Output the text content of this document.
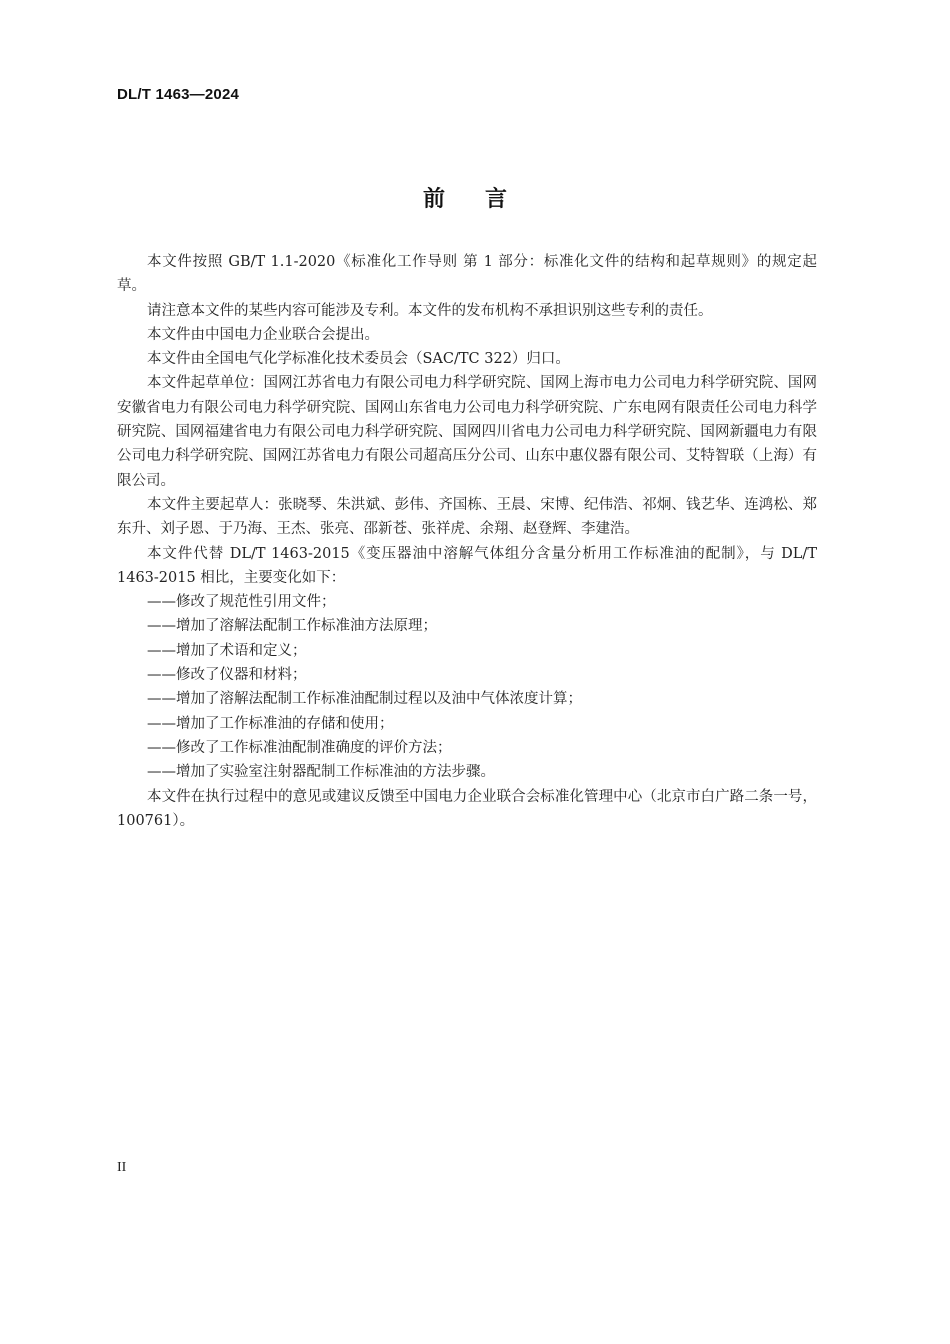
DL/T 1463—2024
前言

本文件按照 GB/T 1.1-2020《标准化工作导则 第 1 部分：标准化文件的结构和起草规则》的规定起草。

请注意本文件的某些内容可能涉及专利。本文件的发布机构不承担识别这些专利的责任。

本文件由中国电力企业联合会提出。

本文件由全国电气化学标准化技术委员会（SAC/TC 322）归口。

本文件起草单位：国网江苏省电力有限公司电力科学研究院、国网上海市电力公司电力科学研究院、国网安徽省电力有限公司电力科学研究院、国网山东省电力公司电力科学研究院、广东电网有限责任公司电力科学研究院、国网福建省电力有限公司电力科学研究院、国网四川省电力公司电力科学研究院、国网新疆电力有限公司电力科学研究院、国网江苏省电力有限公司超高压分公司、山东中惠仪器有限公司、艾特智联（上海）有限公司。

本文件主要起草人：张晓琴、朱洪斌、彭伟、齐国栋、王晨、宋博、纪伟浩、祁炯、钱艺华、连鸿松、郑东升、刘子恩、于乃海、王杰、张亮、邵新苍、张祥虎、余翔、赵登辉、李建浩。

本文件代替 DL/T 1463-2015《变压器油中溶解气体组分含量分析用工作标准油的配制》，与 DL/T 1463-2015 相比，主要变化如下：

——修改了规范性引用文件；

——增加了溶解法配制工作标准油方法原理；

——增加了术语和定义；

——修改了仪器和材料；

——增加了溶解法配制工作标准油配制过程以及油中气体浓度计算；

——增加了工作标准油的存储和使用；

——修改了工作标准油配制准确度的评价方法；

——增加了实验室注射器配制工作标准油的方法步骤。

本文件在执行过程中的意见或建议反馈至中国电力企业联合会标准化管理中心（北京市白广路二条一号，100761）。

II
